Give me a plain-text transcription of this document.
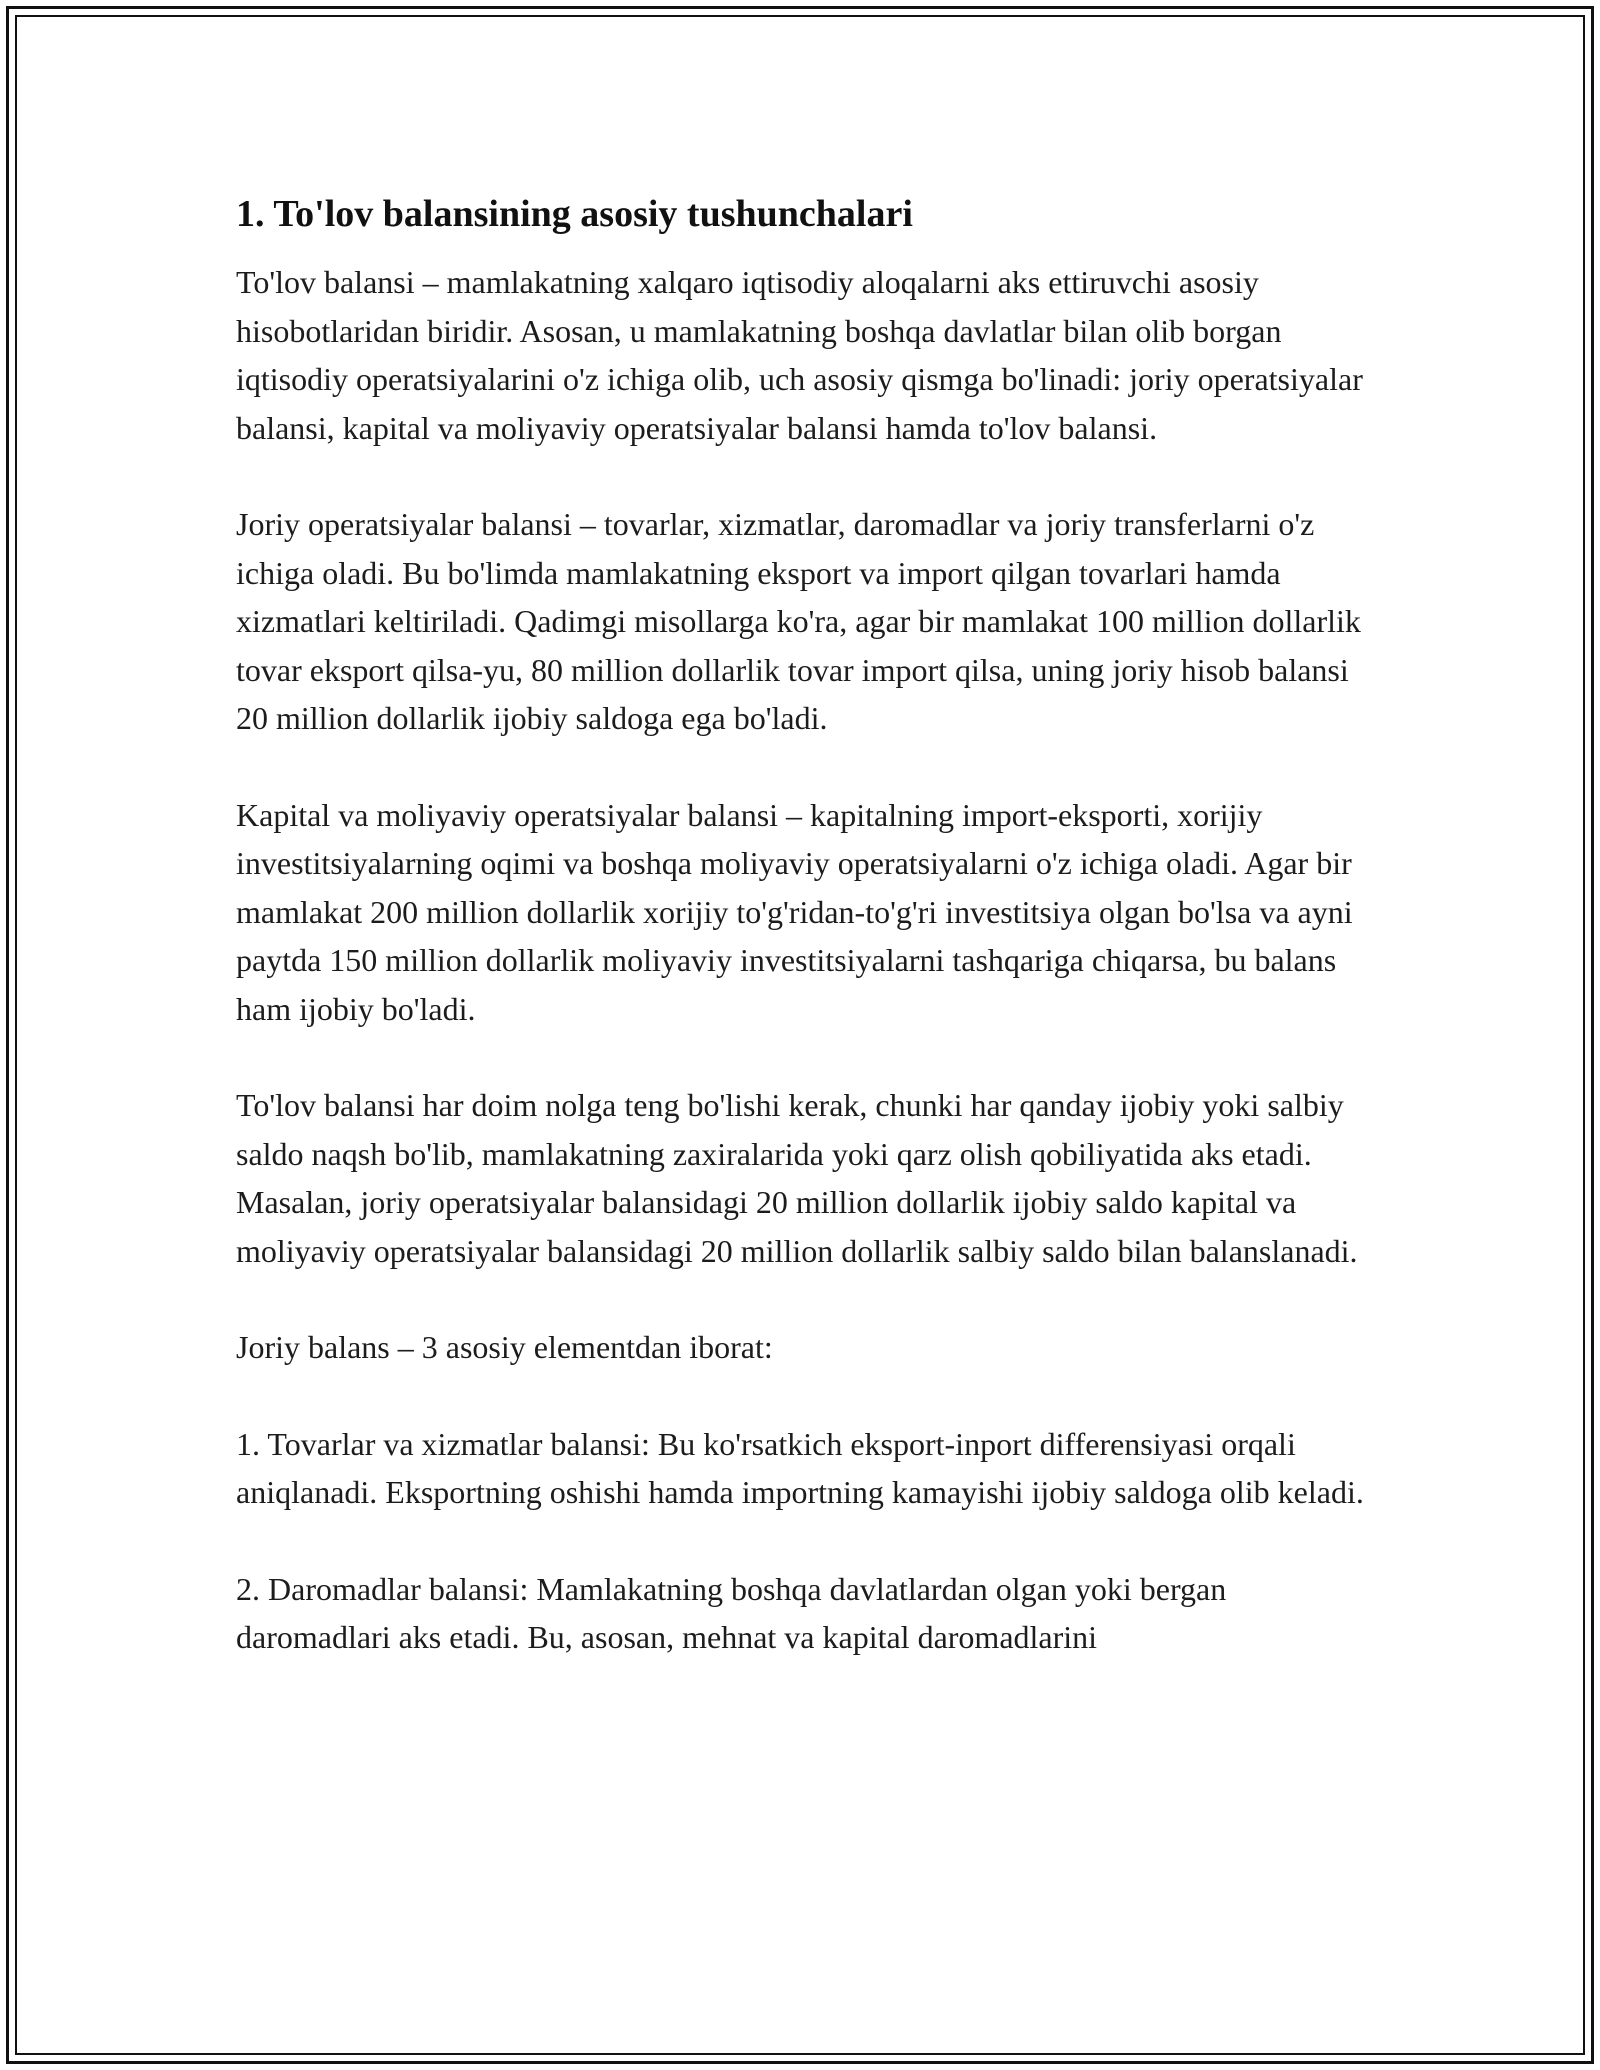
1. To'lov balansining asosiy tushunchalari

To'lov balansi – mamlakatning xalqaro iqtisodiy aloqalarni aks ettiruvchi asosiy hisobotlaridan biridir. Asosan, u mamlakatning boshqa davlatlar bilan olib borgan iqtisodiy operatsiyalarini o'z ichiga olib, uch asosiy qismga bo'linadi: joriy operatsiyalar balansi, kapital va moliyaviy operatsiyalar balansi hamda to'lov balansi.

Joriy operatsiyalar balansi – tovarlar, xizmatlar, daromadlar va joriy transferlarni o'z ichiga oladi. Bu bo'limda mamlakatning eksport va import qilgan tovarlari hamda xizmatlari keltiriladi. Qadimgi misollarga ko'ra, agar bir mamlakat 100 million dollarlik tovar eksport qilsa-yu, 80 million dollarlik tovar import qilsa, uning joriy hisob balansi 20 million dollarlik ijobiy saldoga ega bo'ladi.

Kapital va moliyaviy operatsiyalar balansi – kapitalning import-eksporti, xorijiy investitsiyalarning oqimi va boshqa moliyaviy operatsiyalarni o'z ichiga oladi. Agar bir mamlakat 200 million dollarlik xorijiy to'g'ridan-to'g'ri investitsiya olgan bo'lsa va ayni paytda 150 million dollarlik moliyaviy investitsiyalarni tashqariga chiqarsa, bu balans ham ijobiy bo'ladi.

To'lov balansi har doim nolga teng bo'lishi kerak, chunki har qanday ijobiy yoki salbiy saldo naqsh bo'lib, mamlakatning zaxiralarida yoki qarz olish qobiliyatida aks etadi. Masalan, joriy operatsiyalar balansidagi 20 million dollarlik ijobiy saldo kapital va moliyaviy operatsiyalar balansidagi 20 million dollarlik salbiy saldo bilan balanslanadi.

Joriy balans – 3 asosiy elementdan iborat:

1. Tovarlar va xizmatlar balansi: Bu ko'rsatkich eksport-inport differensiyasi orqali aniqlanadi. Eksportning oshishi hamda importning kamayishi ijobiy saldoga olib keladi.

2. Daromadlar balansi: Mamlakatning boshqa davlatlardan olgan yoki bergan daromadlari aks etadi. Bu, asosan, mehnat va kapital daromadlarini
